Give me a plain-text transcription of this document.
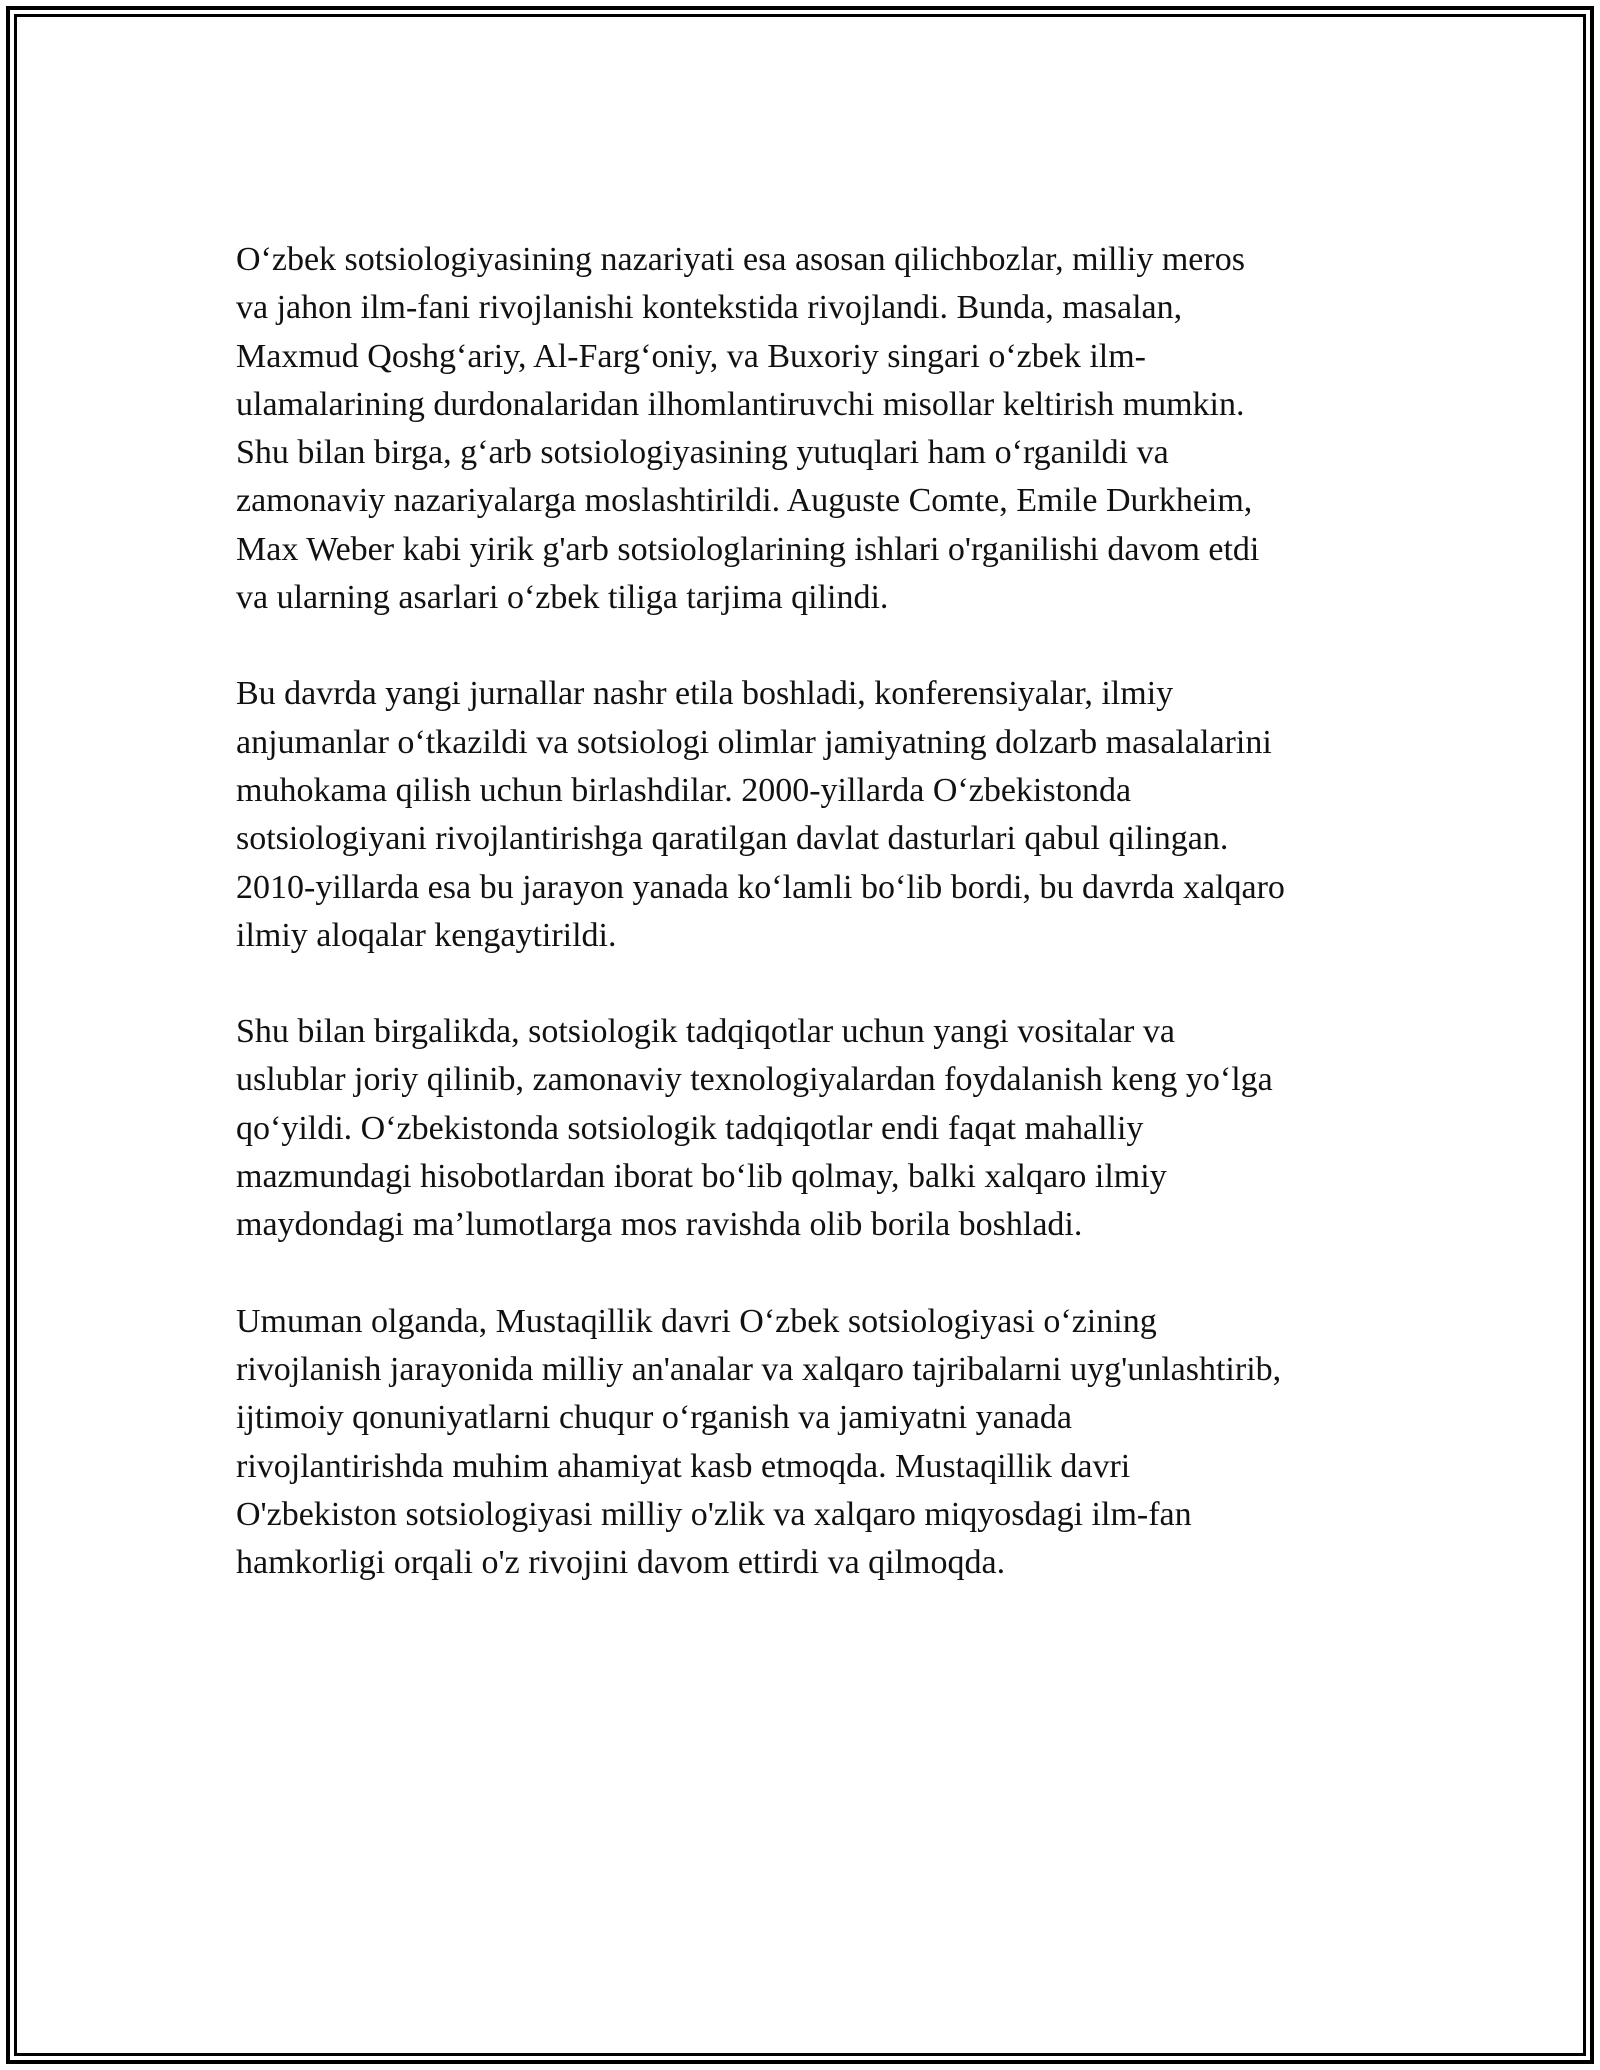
O‘zbek sotsiologiyasining nazariyati esa asosan qilichbozlar, milliy meros
va jahon ilm-fani rivojlanishi kontekstida rivojlandi. Bunda, masalan,
Maxmud Qoshg‘ariy, Al-Farg‘oniy, va Buxoriy singari o‘zbek ilm-
ulamalarining durdonalaridan ilhomlantiruvchi misollar keltirish mumkin.
Shu bilan birga, g‘arb sotsiologiyasining yutuqlari ham o‘rganildi va
zamonaviy nazariyalarga moslashtirildi. Auguste Comte, Emile Durkheim,
Max Weber kabi yirik g'arb sotsiologlarining ishlari o'rganilishi davom etdi
va ularning asarlari o‘zbek tiliga tarjima qilindi.

Bu davrda yangi jurnallar nashr etila boshladi, konferensiyalar, ilmiy
anjumanlar o‘tkazildi va sotsiologi olimlar jamiyatning dolzarb masalalarini
muhokama qilish uchun birlashdilar. 2000-yillarda O‘zbekistonda
sotsiologiyani rivojlantirishga qaratilgan davlat dasturlari qabul qilingan.
2010-yillarda esa bu jarayon yanada ko‘lamli bo‘lib bordi, bu davrda xalqaro
ilmiy aloqalar kengaytirildi.

Shu bilan birgalikda, sotsiologik tadqiqotlar uchun yangi vositalar va
uslublar joriy qilinib, zamonaviy texnologiyalardan foydalanish keng yo‘lga
qo‘yildi. O‘zbekistonda sotsiologik tadqiqotlar endi faqat mahalliy
mazmundagi hisobotlardan iborat bo‘lib qolmay, balki xalqaro ilmiy
maydondagi ma’lumotlarga mos ravishda olib borila boshladi.

Umuman olganda, Mustaqillik davri O‘zbek sotsiologiyasi o‘zining
rivojlanish jarayonida milliy an'analar va xalqaro tajribalarni uyg'unlashtirib,
ijtimoiy qonuniyatlarni chuqur o‘rganish va jamiyatni yanada
rivojlantirishda muhim ahamiyat kasb etmoqda. Mustaqillik davri
O'zbekiston sotsiologiyasi milliy o'zlik va xalqaro miqyosdagi ilm-fan
hamkorligi orqali o'z rivojini davom ettirdi va qilmoqda.
